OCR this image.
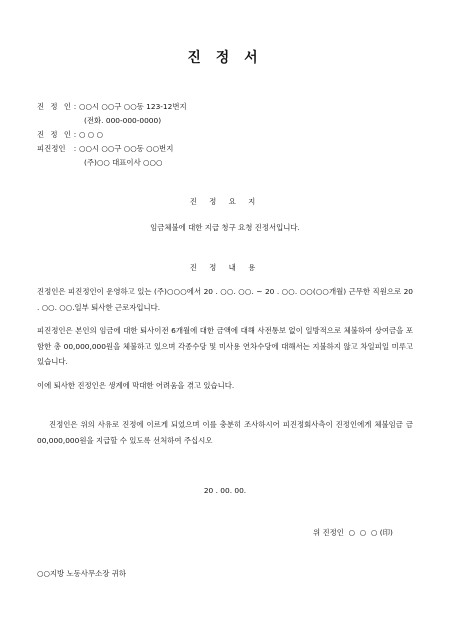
진 정 서
진 정 인 : ○○시 ○○구 ○○동 123-12번지
(전화. 000-000-0000)
진 정 인 : ○ ○ ○
피진정인	: ○○시 ○○구 ○○동 ○○번지
(주)○○ 대표이사 ○○○
진 정 요 지
임금체불에 대한 지급 청구 요청 진정서입니다.
진 정 내 용
진정인은 피진정인이 운영하고 있는 (주)○○○에서 20 . ○○. ○○. ~ 20 . ○○. ○○(○○개월) 근무한 직원으로 20 . ○○. ○○.일부 퇴사한 근로자입니다.
피진정인은 본인의 임금에 대한 퇴사이전 6개월에 대한 금액에 대해 사전통보 없이 일방적으로 체불하여 상여금을 포함한 총 00,000,000원을 체불하고 있으며 각종수당 및 미사용 연차수당에 대해서는 지불하지 않고 차일피일 미루고 있습니다.
이에 퇴사한 진정인은 생계에 막대한 어려움을 겪고 있습니다.
진정인은 위의 사유로 진정에 이르게 되었으며 이를 충분히 조사하시어 피진정회사측이 진정인에게 체불임금 금 00,000,000원을 지급할 수 있도록 선처하여 주십시오
20 . 00. 00.
위 진정인  ○  ○  ○ (印)
○○지방 노동사무소장 귀하
